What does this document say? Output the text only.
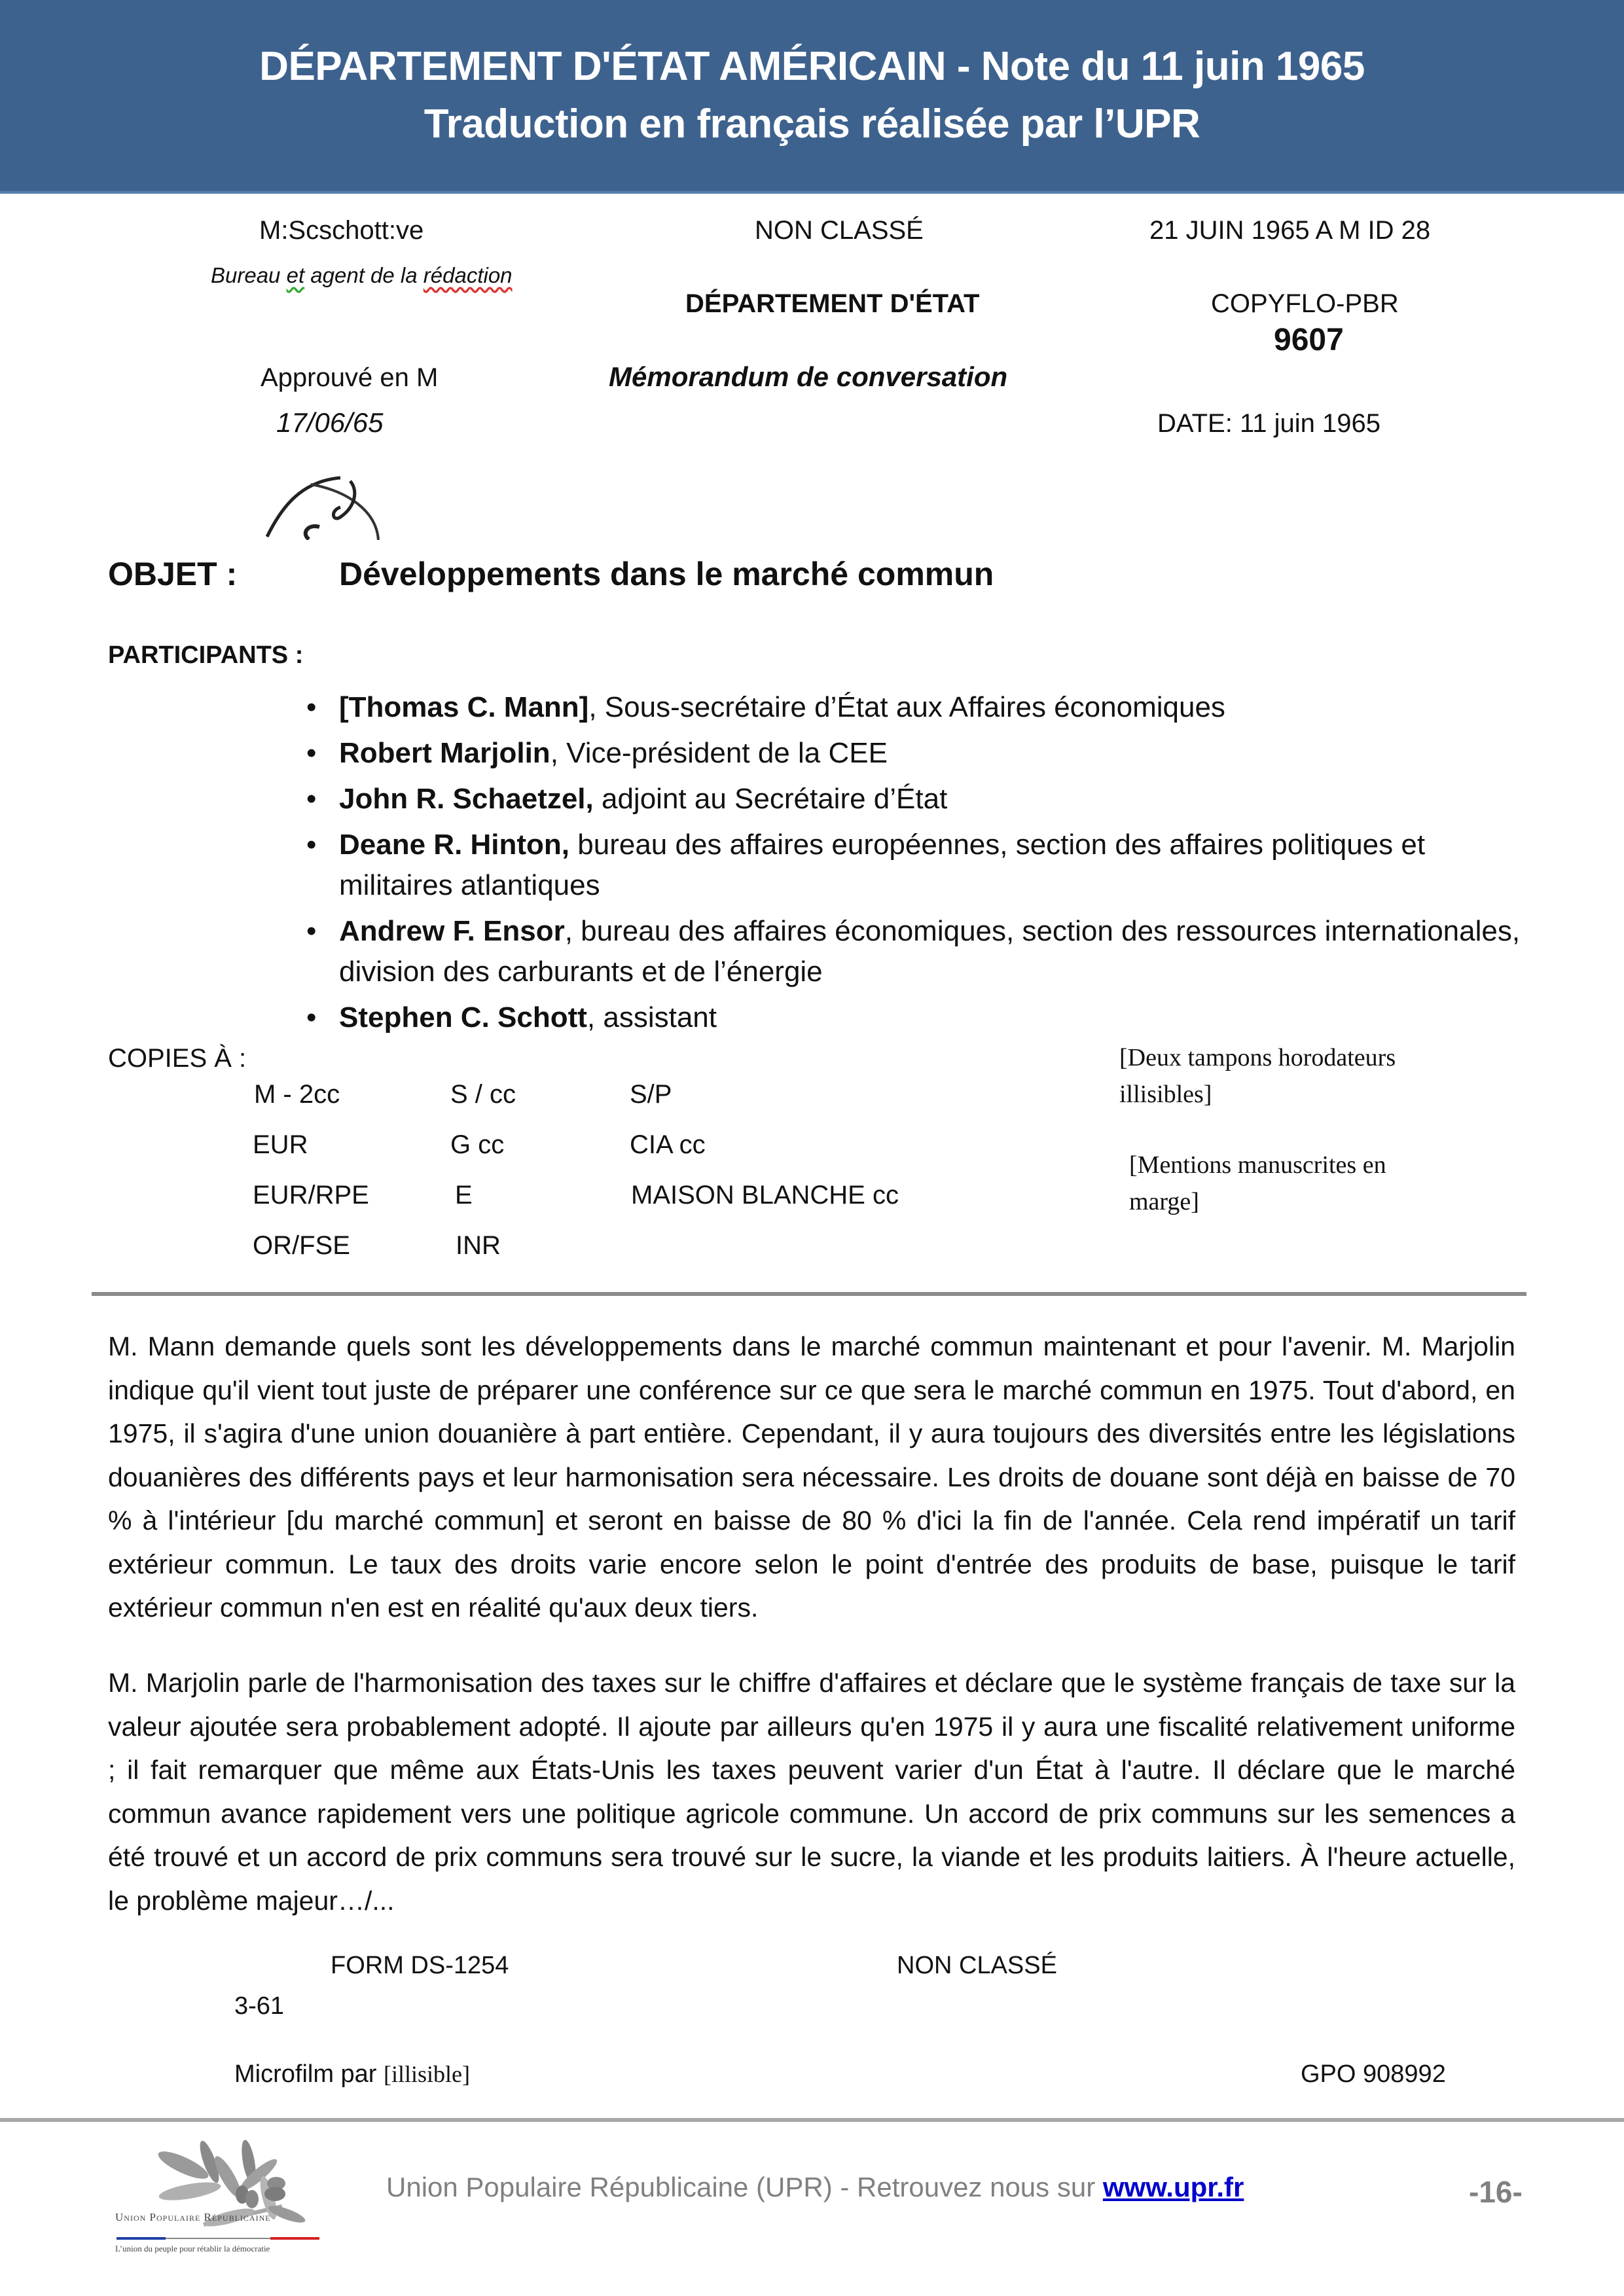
DÉPARTEMENT D'ÉTAT AMÉRICAIN - Note du 11 juin 1965
Traduction en français réalisée par l’UPR
M:Scschott:ve
Bureau et agent de la rédaction
NON CLASSÉ	21 JUIN 1965 A M ID 28
DÉPARTEMENT D'ÉTAT	COPYFLO-PBR
9607
Approuvé en M	Mémorandum de conversation
17/06/65	DATE: 11 juin 1965
OBJET :	Développements dans le marché commun
PARTICIPANTS :
• [Thomas C. Mann], Sous-secrétaire d’État aux Affaires économiques
• Robert Marjolin, Vice-président de la CEE
• John R. Schaetzel, adjoint au Secrétaire d’État
• Deane R. Hinton, bureau des affaires européennes, section des affaires politiques et militaires atlantiques
• Andrew F. Ensor, bureau des affaires économiques, section des ressources internationales, division des carburants et de l’énergie
• Stephen C. Schott, assistant
COPIES À :
M - 2cc	S / cc	S/P
EUR	G cc	CIA cc
EUR/RPE	E	MAISON BLANCHE cc
OR/FSE	INR
[Deux tampons horodateurs illisibles]
[Mentions manuscrites en marge]
M. Mann demande quels sont les développements dans le marché commun maintenant et pour l'avenir. M. Marjolin indique qu'il vient tout juste de préparer une conférence sur ce que sera le marché commun en 1975. Tout d'abord, en 1975, il s'agira d'une union douanière à part entière. Cependant, il y aura toujours des diversités entre les législations douanières des différents pays et leur harmonisation sera nécessaire. Les droits de douane sont déjà en baisse de 70 % à l'intérieur [du marché commun] et seront en baisse de 80 % d'ici la fin de l'année. Cela rend impératif un tarif extérieur commun. Le taux des droits varie encore selon le point d'entrée des produits de base, puisque le tarif extérieur commun n'en est en réalité qu'aux deux tiers.
M. Marjolin parle de l'harmonisation des taxes sur le chiffre d'affaires et déclare que le système français de taxe sur la valeur ajoutée sera probablement adopté. Il ajoute par ailleurs qu'en 1975 il y aura une fiscalité relativement uniforme ; il fait remarquer que même aux États-Unis les taxes peuvent varier d'un État à l'autre. Il déclare que le marché commun avance rapidement vers une politique agricole commune. Un accord de prix communs sur les semences a été trouvé et un accord de prix communs sera trouvé sur le sucre, la viande et les produits laitiers. À l'heure actuelle, le problème majeur…/...
FORM DS-1254	NON CLASSÉ
3-61
Microfilm par [illisible]	GPO 908992
Union Populaire Républicaine
L’union du peuple pour rétablir la démocratie
Union Populaire Républicaine (UPR) - Retrouvez nous sur www.upr.fr	-16-
